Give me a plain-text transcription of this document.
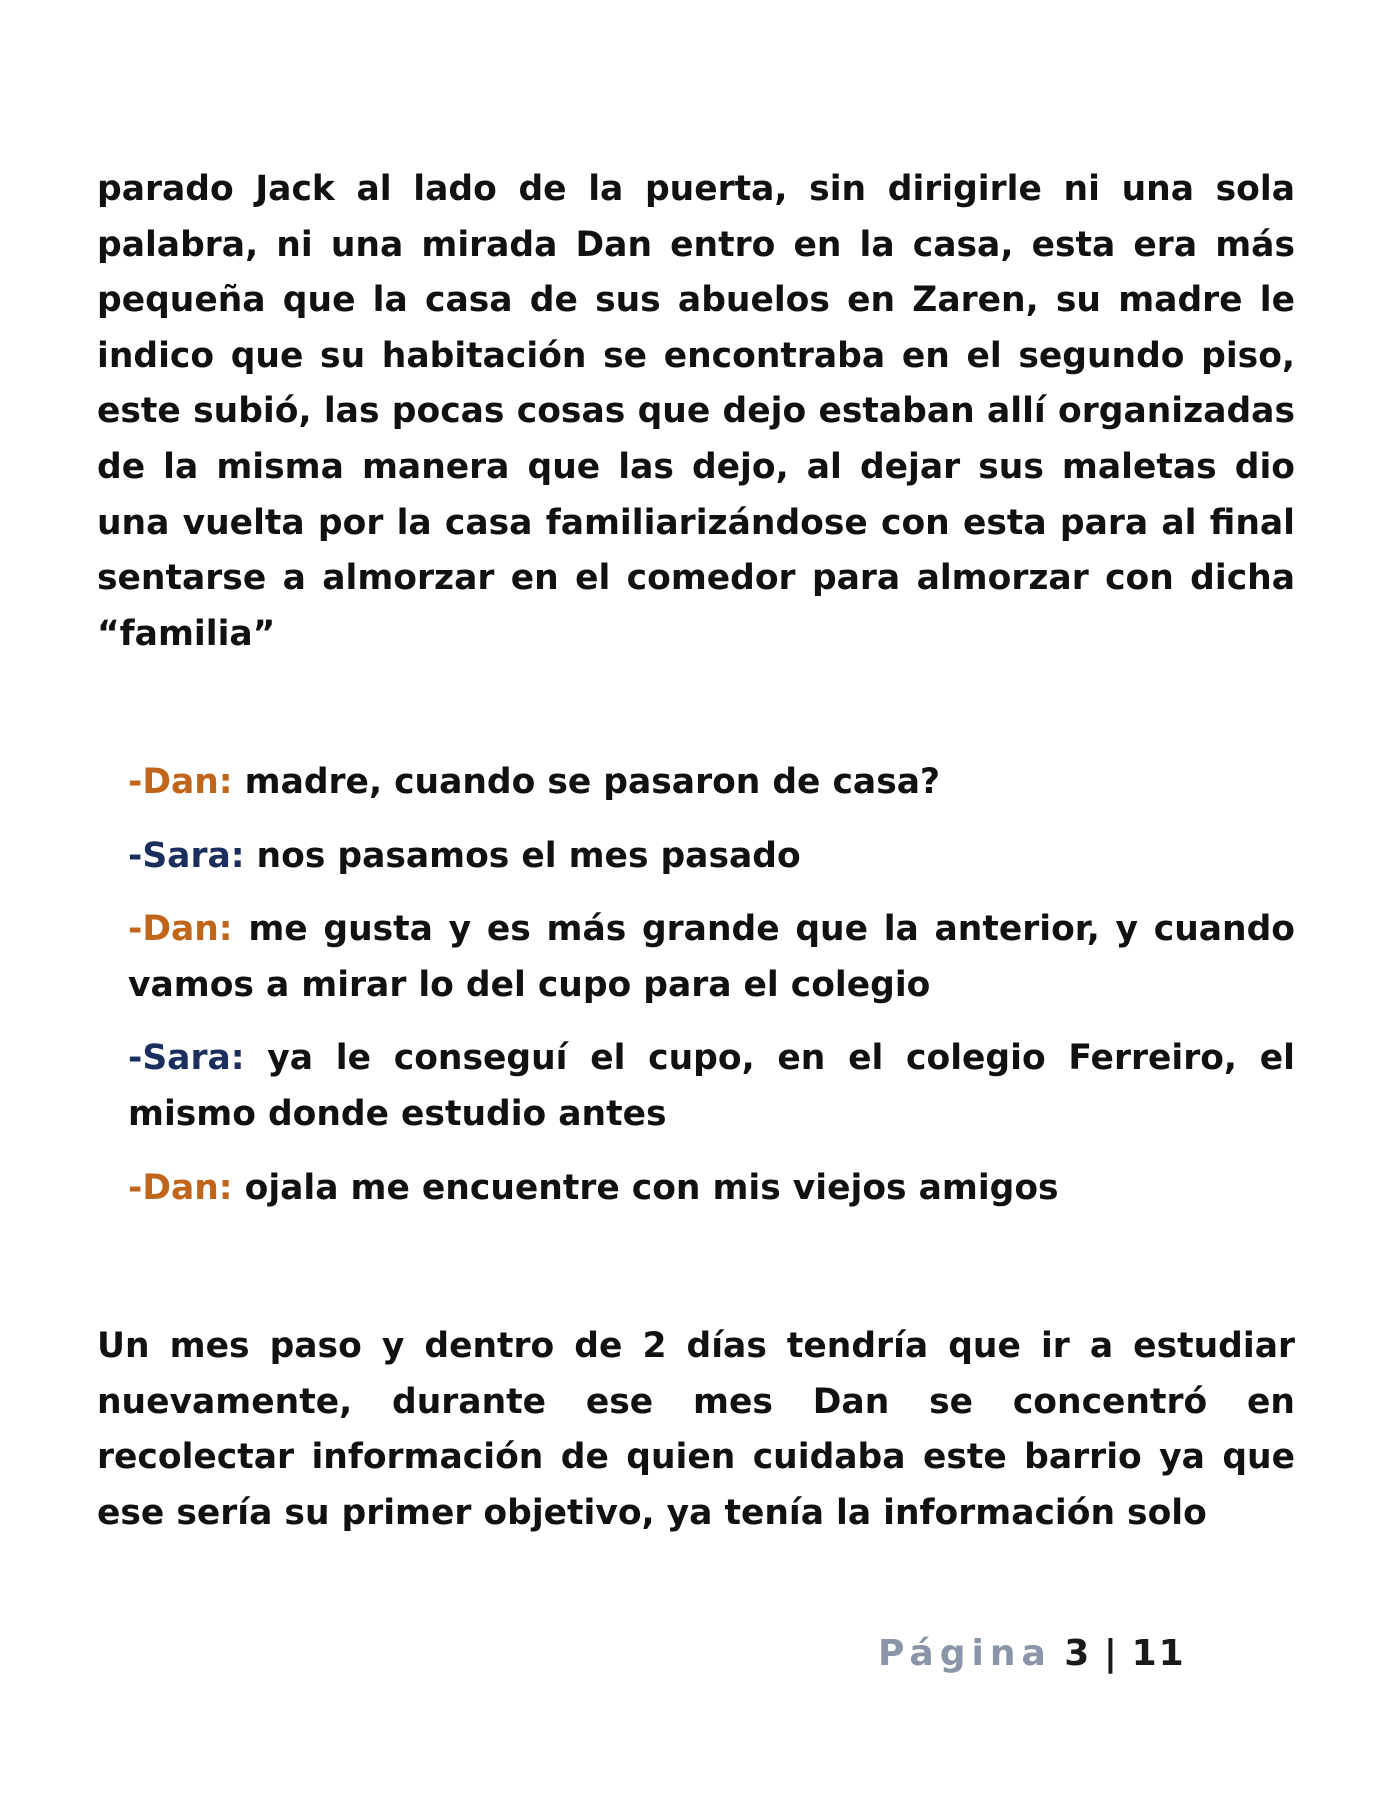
parado Jack al lado de la puerta, sin dirigirle ni una sola palabra, ni una mirada Dan entro en la casa, esta era más pequeña que la casa de sus abuelos en Zaren, su madre le indico que su habitación se encontraba en el segundo piso, este subió, las pocas cosas que dejo estaban allí organizadas de la misma manera que las dejo, al dejar sus maletas dio una vuelta por la casa familiarizándose con esta para al final sentarse a almorzar en el comedor para almorzar con dicha “familia”

-Dan: madre, cuando se pasaron de casa?

-Sara: nos pasamos el mes pasado

-Dan: me gusta y es más grande que la anterior, y cuando vamos a mirar lo del cupo para el colegio

-Sara: ya le conseguí el cupo, en el colegio Ferreiro, el mismo donde estudio antes

-Dan: ojala me encuentre con mis viejos amigos

Un mes paso y dentro de 2 días tendría que ir a estudiar nuevamente, durante ese mes Dan se concentró en recolectar información de quien cuidaba este barrio ya que ese sería su primer objetivo, ya tenía la información solo

Página 3 | 11
